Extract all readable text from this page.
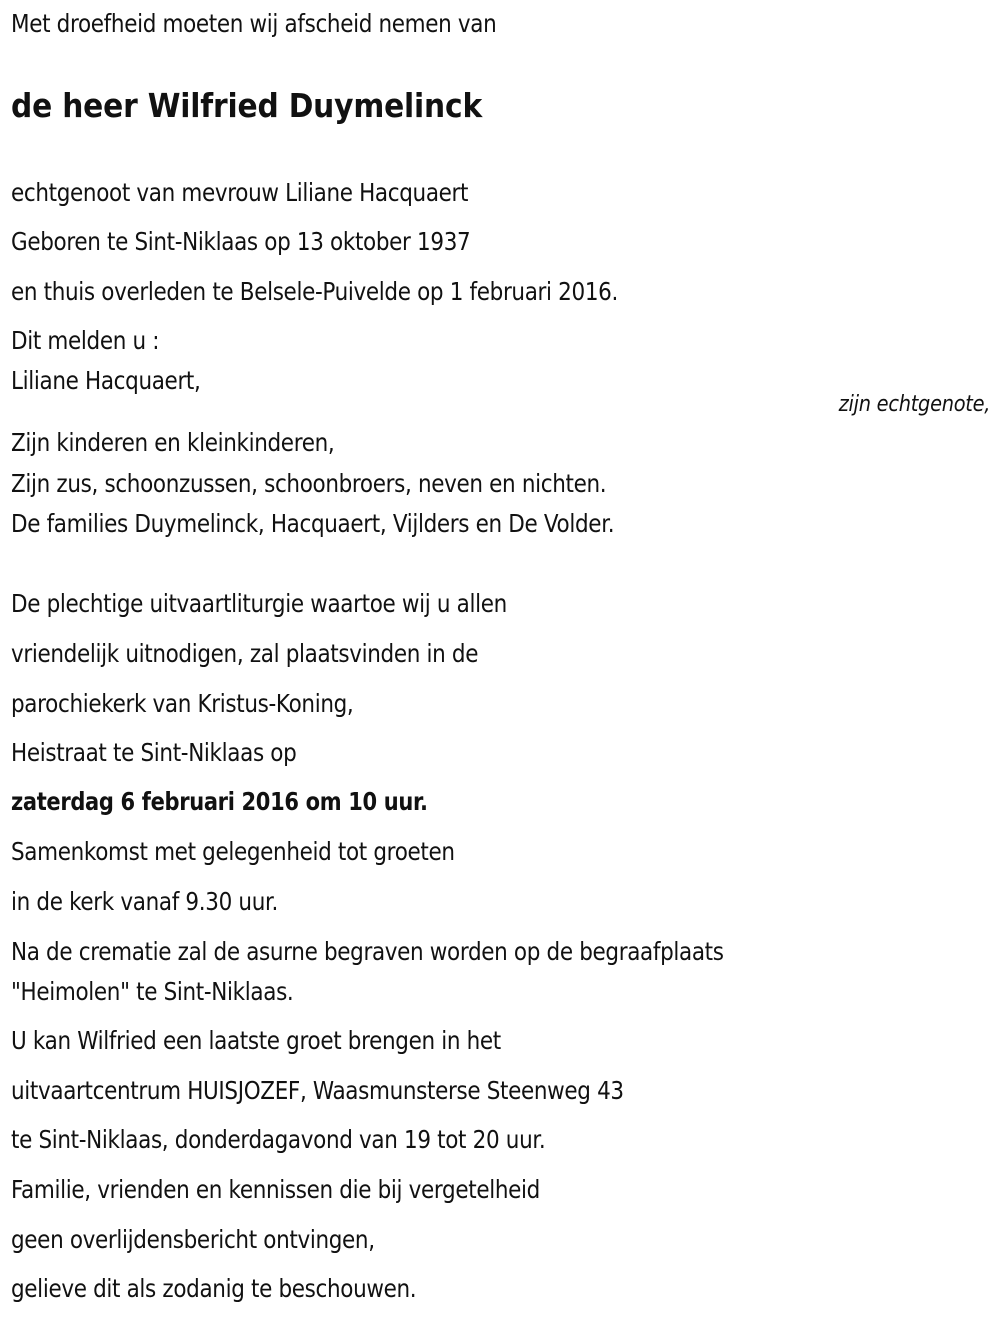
Met droefheid moeten wij afscheid nemen van
de heer Wilfried Duymelinck
echtgenoot van mevrouw Liliane Hacquaert
Geboren te Sint-Niklaas op 13 oktober 1937
en thuis overleden te Belsele-Puivelde op 1 februari 2016.
Dit melden u :
Liliane Hacquaert,
zijn echtgenote,
Zijn kinderen en kleinkinderen,
Zijn zus, schoonzussen, schoonbroers, neven en nichten.
De families Duymelinck, Hacquaert, Vijlders en De Volder.
De plechtige uitvaartliturgie waartoe wij u allen
vriendelijk uitnodigen, zal plaatsvinden in de
parochiekerk van Kristus-Koning,
Heistraat te Sint-Niklaas op
zaterdag 6 februari 2016 om 10 uur.
Samenkomst met gelegenheid tot groeten
in de kerk vanaf 9.30 uur.
Na de crematie zal de asurne begraven worden op de begraafplaats
"Heimolen" te Sint-Niklaas.
U kan Wilfried een laatste groet brengen in het
uitvaartcentrum HUISJOZEF, Waasmunsterse Steenweg 43
te Sint-Niklaas, donderdagavond van 19 tot 20 uur.
Familie, vrienden en kennissen die bij vergetelheid
geen overlijdensbericht ontvingen,
gelieve dit als zodanig te beschouwen.
